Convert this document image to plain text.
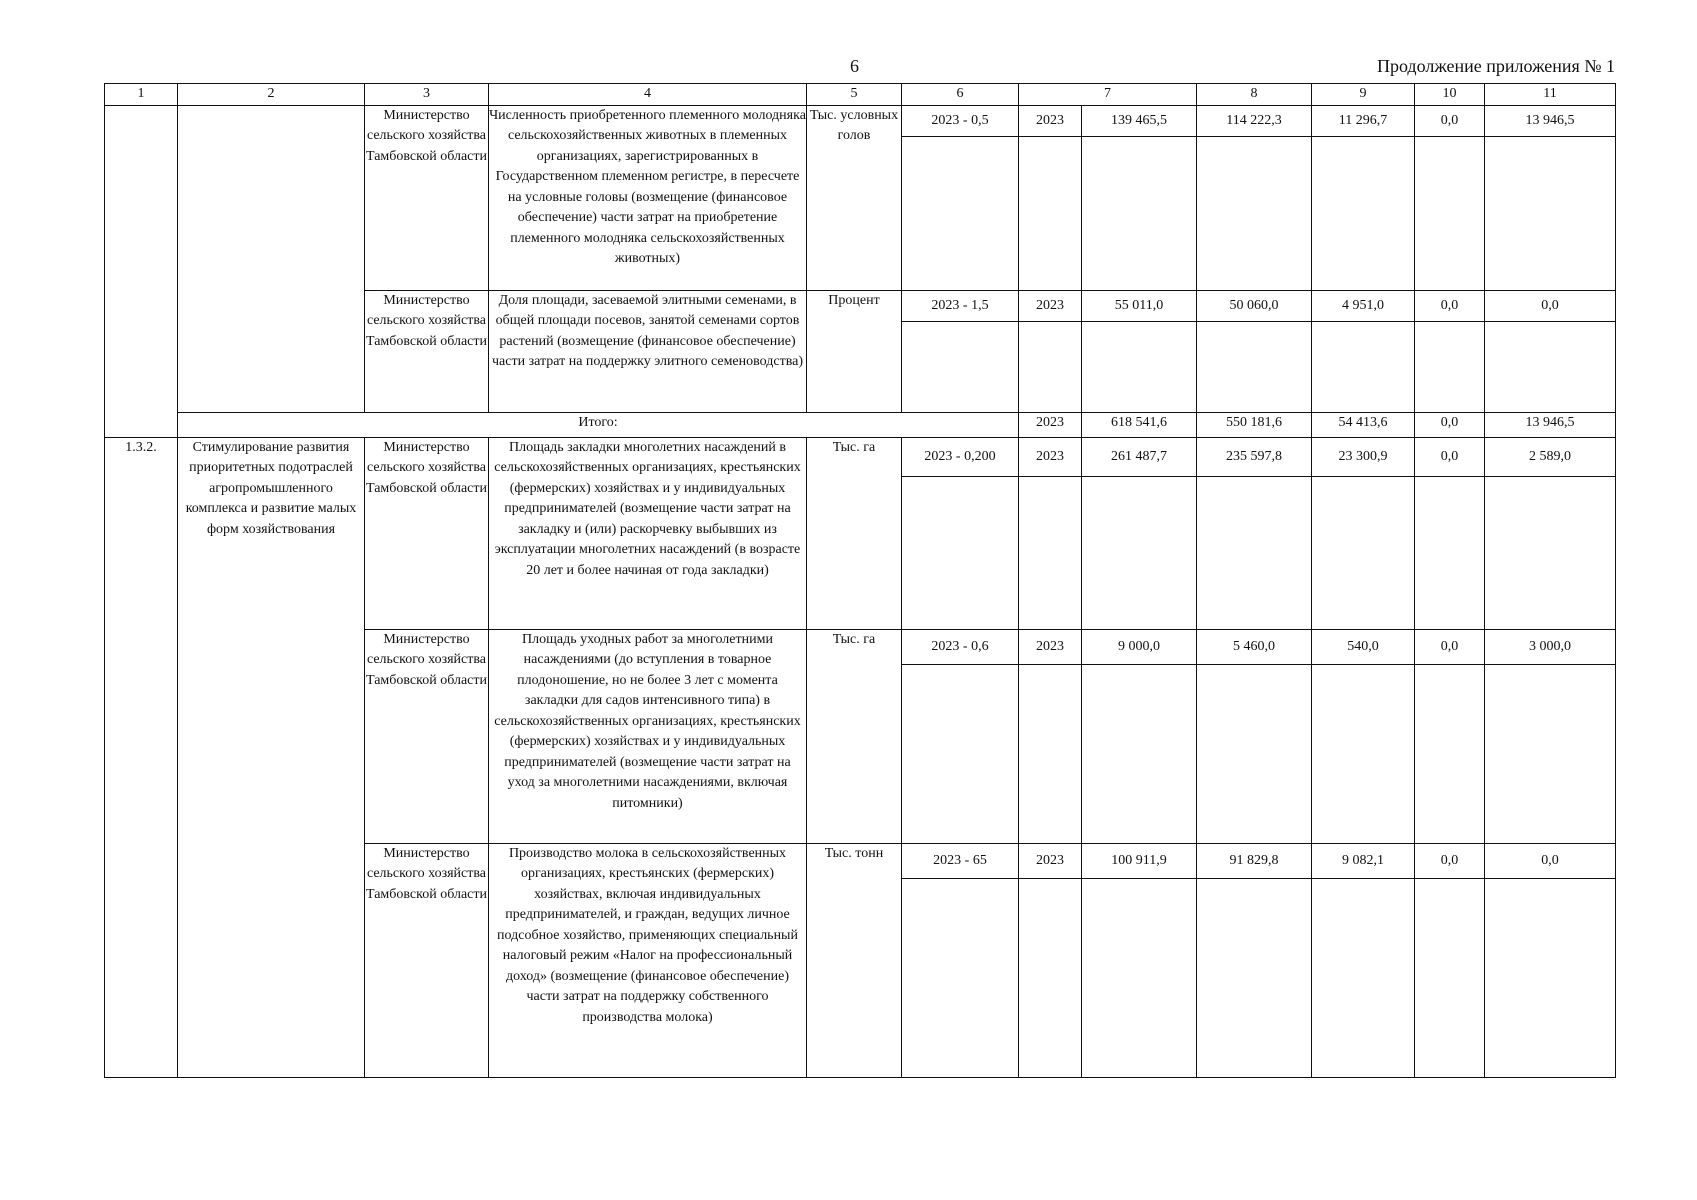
6	Продолжение приложения № 1
1	2	3	4	5	6	7		8	9	10	11
		Министерство сельского хозяйства Тамбовской области	Численность приобретенного племенного молодняка сельскохозяйственных животных в племенных организациях, зарегистрированных в Государственном племенном регистре, в пересчете на условные головы (возмещение (финансовое обеспечение) части затрат на приобретение племенного молодняка сельскохозяйственных животных)	Тыс. условных голов	2023 - 0,5	2023	139 465,5	114 222,3	11 296,7	0,0	13 946,5

		Министерство сельского хозяйства Тамбовской области	Доля площади, засеваемой элитными семенами, в общей площади посевов, занятой семенами сортов растений (возмещение (финансовое обеспечение) части затрат на поддержку элитного семеноводства)	Процент	2023 - 1,5	2023	55 011,0	50 060,0	4 951,0	0,0	0,0

	Итого:					2023	618 541,6	550 181,6	54 413,6	0,0	13 946,5
1.3.2.	Стимулирование развития приоритетных подотраслей агропромышленного комплекса и развитие малых форм хозяйствования	Министерство сельского хозяйства Тамбовской области	Площадь закладки многолетних насаждений в сельскохозяйственных организациях, крестьянских (фермерских) хозяйствах и у индивидуальных предпринимателей (возмещение части затрат на закладку и (или) раскорчевку выбывших из эксплуатации многолетних насаждений (в возрасте 20 лет и более начиная от года закладки)	Тыс. га	2023 - 0,200	2023	261 487,7	235 597,8	23 300,9	0,0	2 589,0

		Министерство сельского хозяйства Тамбовской области	Площадь уходных работ за многолетними насаждениями (до вступления в товарное плодоношение, но не более 3 лет с момента закладки для садов интенсивного типа) в сельскохозяйственных организациях, крестьянских (фермерских) хозяйствах и у индивидуальных предпринимателей (возмещение части затрат на уход за многолетними насаждениями, включая питомники)	Тыс. га	2023 - 0,6	2023	9 000,0	5 460,0	540,0	0,0	3 000,0

		Министерство сельского хозяйства Тамбовской области	Производство молока в сельскохозяйственных организациях, крестьянских (фермерских) хозяйствах, включая индивидуальных предпринимателей, и граждан, ведущих личное подсобное хозяйство, применяющих специальный налоговый режим «Налог на профессиональный доход» (возмещение (финансовое обеспечение) части затрат на поддержку собственного производства молока)	Тыс. тонн	2023 - 65	2023	100 911,9	91 829,8	9 082,1	0,0	0,0
